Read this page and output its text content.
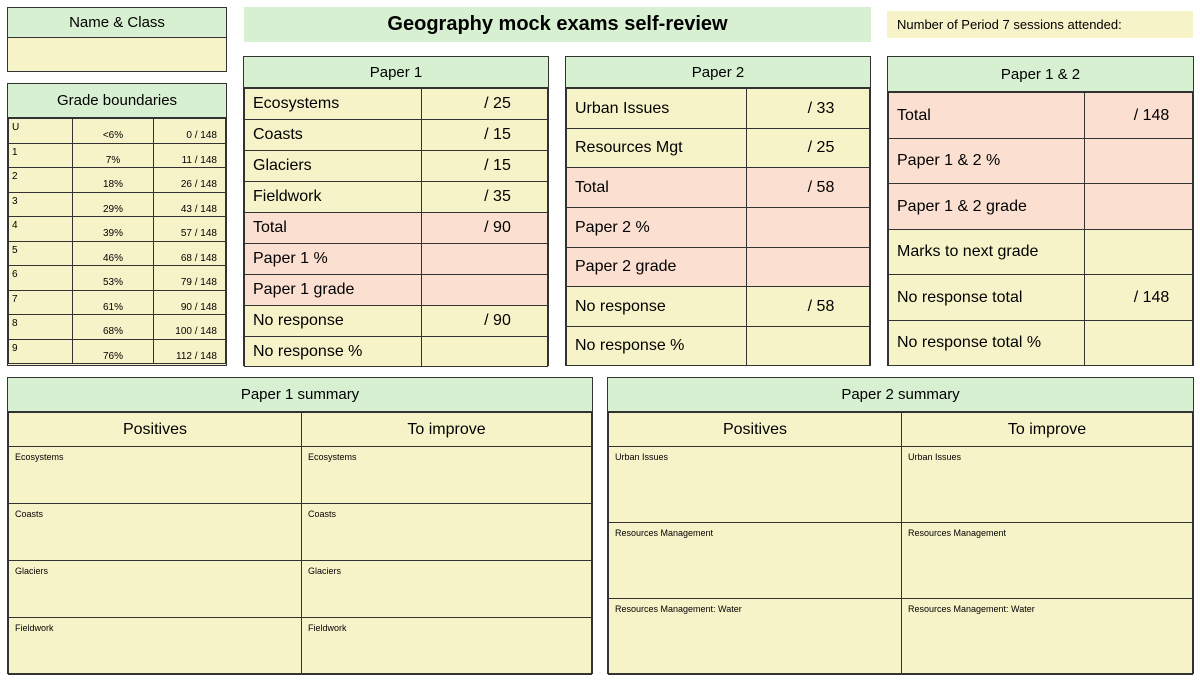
Name & Class	Geography mock exams self-review	Number of Period 7 sessions attended:
Grade boundaries
U	<6%	0 / 148
1	7%	11 / 148
2	18%	26 / 148
3	29%	43 / 148
4	39%	57 / 148
5	46%	68 / 148
6	53%	79 / 148
7	61%	90 / 148
8	68%	100 / 148
9	76%	112 / 148
Paper 1
Ecosystems	/ 25
Coasts	/ 15
Glaciers	/ 15
Fieldwork	/ 35
Total	/ 90
Paper 1 %	
Paper 1 grade	
No response	/ 90
No response %	
Paper 2
Urban Issues	/ 33
Resources Mgt	/ 25
Total	/ 58
Paper 2 %	
Paper 2 grade	
No response	/ 58
No response %	
Paper 1 & 2
Total	/ 148
Paper 1 & 2 %	
Paper 1 & 2 grade	
Marks to next grade	
No response total	/ 148
No response total %	
Paper 1 summary
Positives	To improve
Ecosystems	Ecosystems
Coasts	Coasts
Glaciers	Glaciers
Fieldwork	Fieldwork
Paper 2 summary
Positives	To improve
Urban Issues	Urban Issues
Resources Management	Resources Management
Resources Management: Water	Resources Management: Water
